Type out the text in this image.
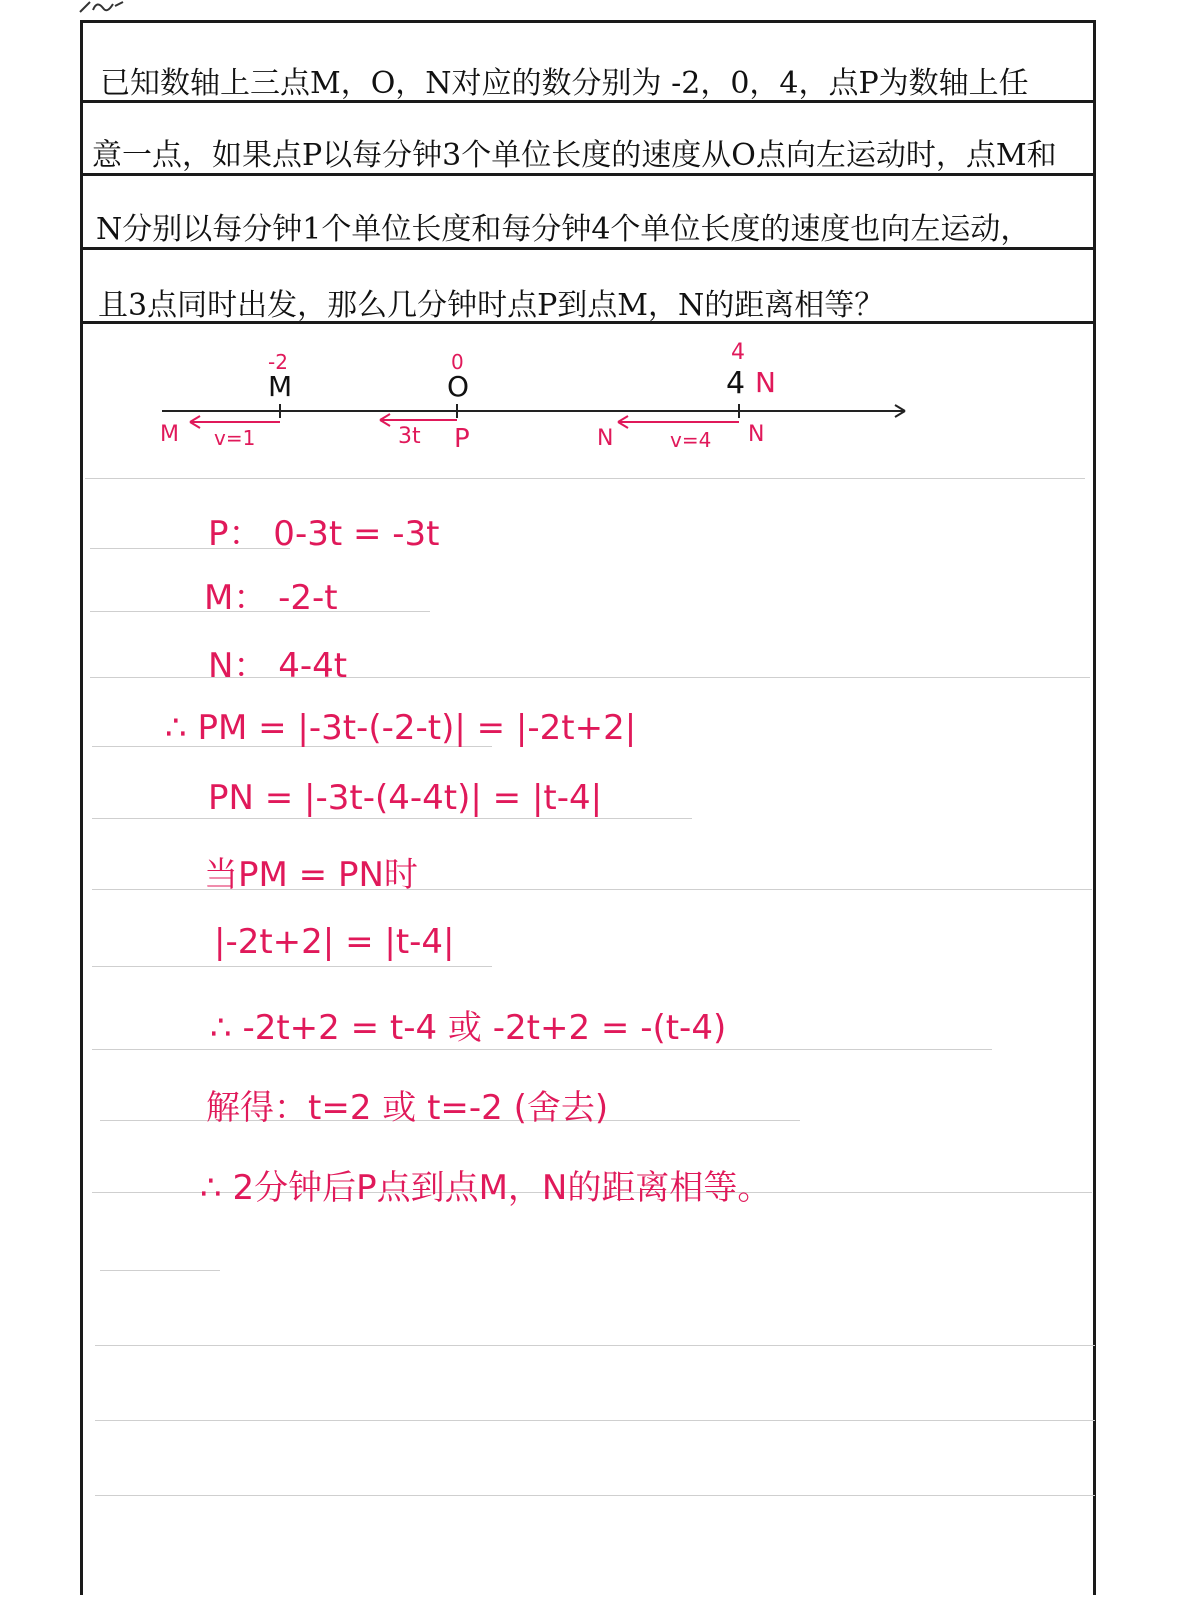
已知数轴上三点M，O，N对应的数分别为 -2，0，4，点P为数轴上任
意一点，如果点P以每分钟3个单位长度的速度从O点向左运动时，点M和
N分别以每分钟1个单位长度和每分钟4个单位长度的速度也向左运动，
且3点同时出发，那么几分钟时点P到点M，N的距离相等？
-2
M
0
O
4
4 N
M v=1	3t P	N	v=4 N
P： 0-3t = -3t
M： -2-t
N： 4-4t
∴ PM = |-3t-(-2-t)| = |-2t+2|
PN = |-3t-(4-4t)| = |t-4|
当PM = PN时
|-2t+2| = |t-4|
∴ -2t+2 = t-4 或 -2t+2 = -(t-4)
解得：t=2 或 t=-2 (舍去)
∴ 2分钟后P点到点M，N的距离相等。
